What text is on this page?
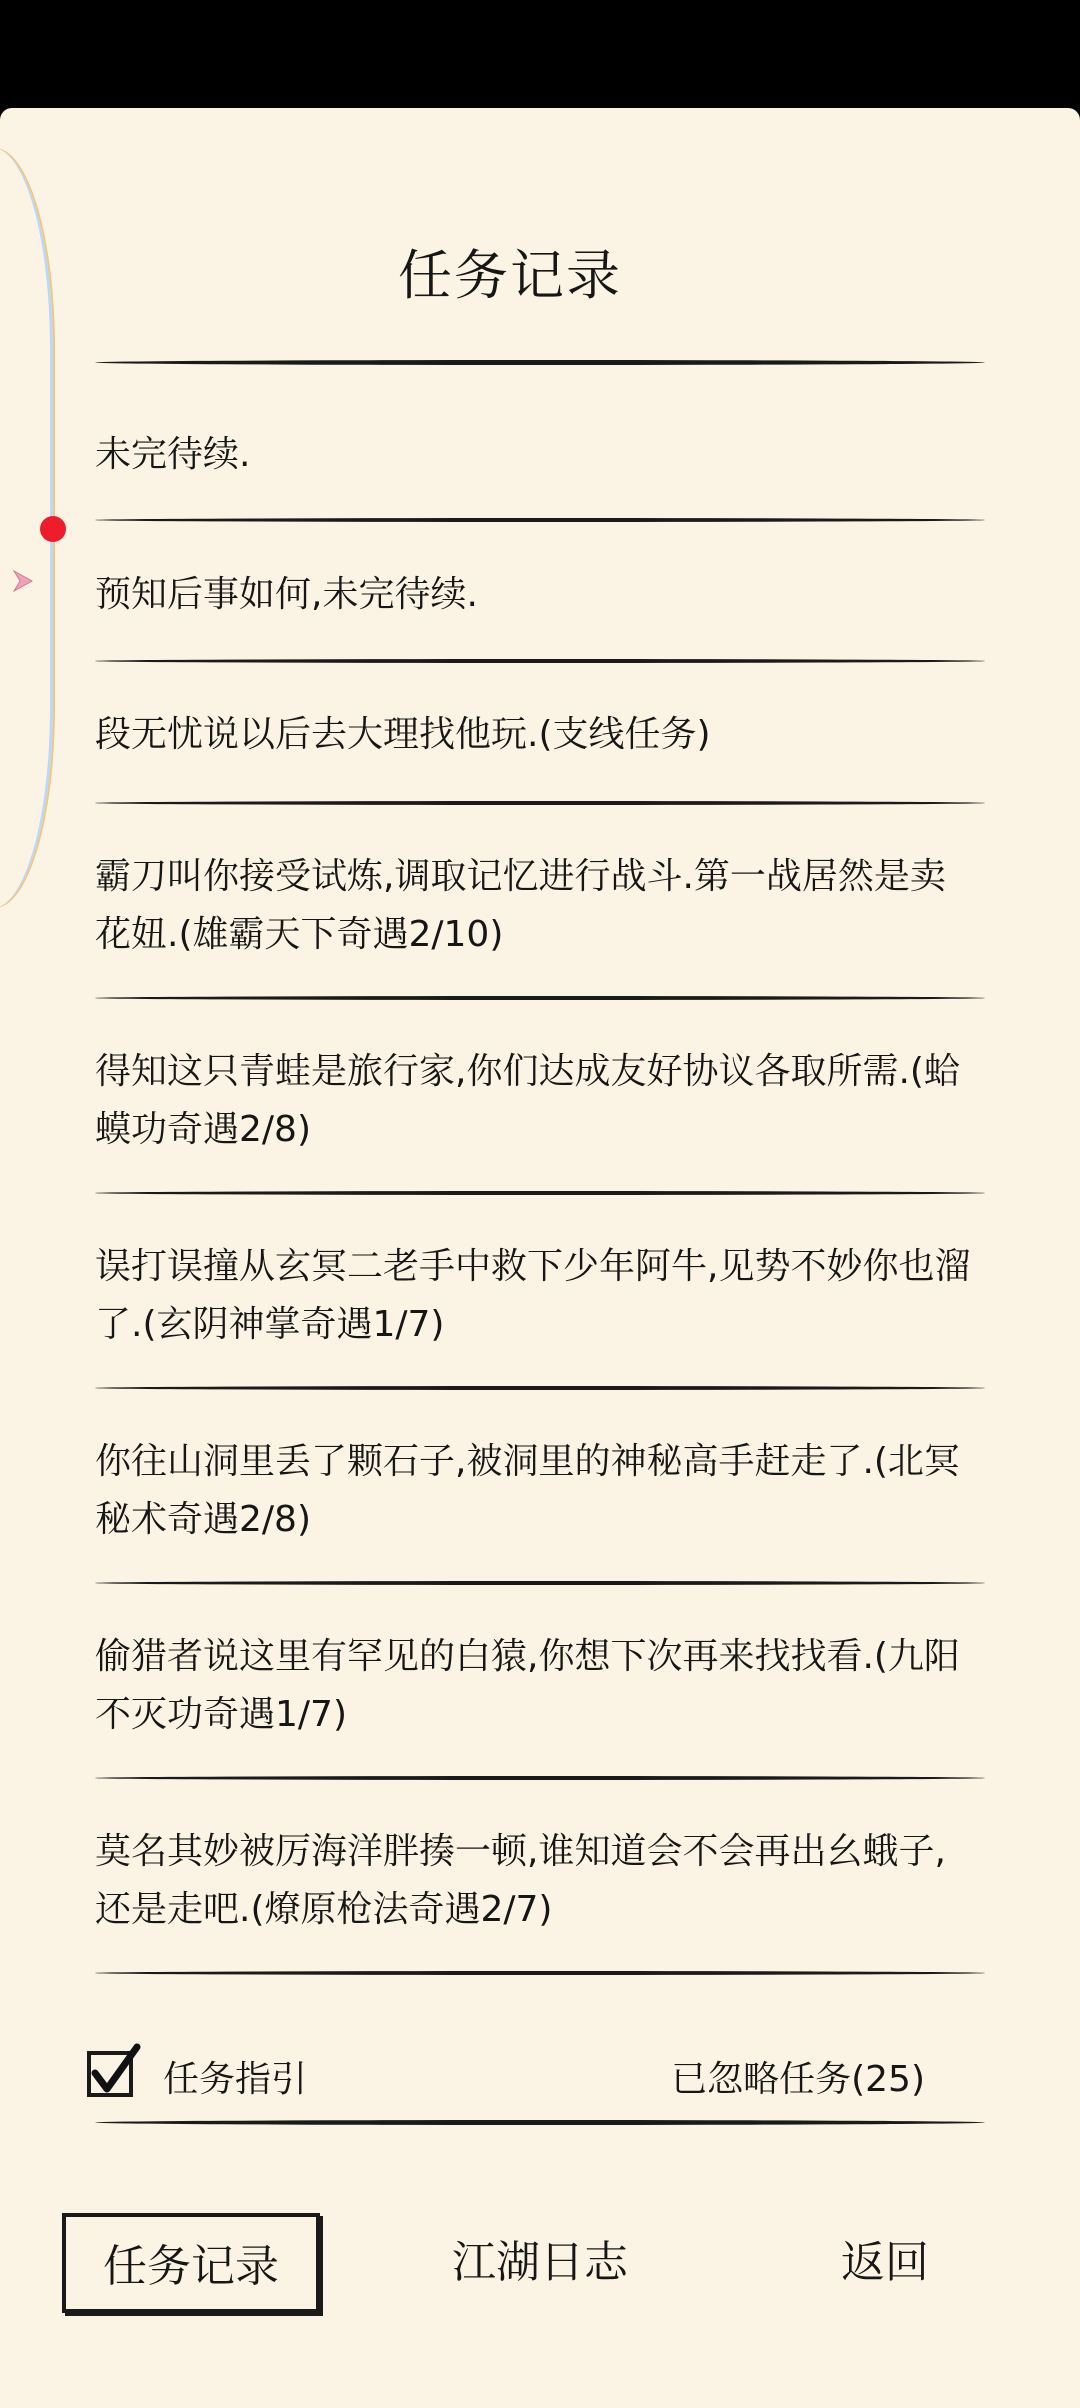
任务记录
未完待续.
预知后事如何,未完待续.
段无忧说以后去大理找他玩.(支线任务)
霸刀叫你接受试炼,调取记忆进行战斗.第一战居然是卖花妞.(雄霸天下奇遇2/10)
得知这只青蛙是旅行家,你们达成友好协议各取所需.(蛤蟆功奇遇2/8)
误打误撞从玄冥二老手中救下少年阿牛,见势不妙你也溜了.(玄阴神掌奇遇1/7)
你往山洞里丢了颗石子,被洞里的神秘高手赶走了.(北冥秘术奇遇2/8)
偷猎者说这里有罕见的白猿,你想下次再来找找看.(九阳不灭功奇遇1/7)
莫名其妙被厉海洋胖揍一顿,谁知道会不会再出幺蛾子,还是走吧.(燎原枪法奇遇2/7)
任务指引	已忽略任务(25)
任务记录	江湖日志	返回
